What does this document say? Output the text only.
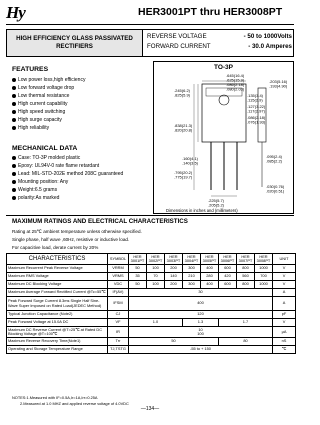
Hy	HER3001PT thru HER3008PT
HIGH EFFICIENCY GLASS PASSIVATED
RECTIFIERS
REVERSE VOLTAGE	- 50 to 1000Volts
FORWARD CURRENT	- 30.0 Amperes
FEATURES
Low power loss,high efficiency
Low forward voltage drop
Low thermal resistance
High current capability
High speed switching
High surge capacity
High reliability
MECHANICAL DATA
Case: TO-3P molded plastic
Epoxy: UL94V-0 rate flame retardant
Lead: MIL-STD-202E method 208C guaranteed
Mounting position: Any
Weight:6.5 grams
polarity:As marked
TO-3P
.645(16.4)
.625(15.9)
.086(2.18)
.080(2.03)
.245(6.2)
.825(5.9)	.135(3.4)
.115(2.9)
.203(5.16)
.193(4.90)
.127(3.22)
.117(2.97)
.086(2.18)
.076(1.93)
.838(21.3)
.820(20.8)
.160(4.1)
.140(3.5)
.795(20.2)
.775(19.7)
.095(2.4)
.085(2.2)
.225(5.7)
.205(5.2)
.030(0.76)
.020(0.51)
Dimensions in inches and (millimeters)
MAXIMUM RATINGS AND ELECTRICAL CHARACTERISTICS
Rating at 25℃ ambient temperature unless otherwise specified.
Single phase, half wave ,60Hz, resistive or inductive load.
For capacitive load, derate current by 20%
CHARACTERISTICS	SYMBOL	HER 3001PT	HER 3002PT	HER 3003PT	HER 3004PT	HER 3005PT	HER 3006PT	HER 3007PT	HER 3008PT	UNIT
Maximum Recurrent Peak Reverse Voltage	VRRM	50	100	200	300	400	600	800	1000	V
Maximum RMS Voltage	VRMS	35	70	140	210	280	420	560	700	V
Maximum DC Blocking Voltage	VDC	50	100	200	300	400	600	800	1000	V
Maximum Average Forward Rectified Current @Tc=55℃	IF(AV)	30								A
Peak Forward Surge Current 8.3ms Single Half Sine-Wave Super Imposed on Rated Load(JEDEC Method)	IFSM	400								A
Typical Junction Capacitance (Note2)	CJ	120								pF
Peak Forward Voltage at 15.0A DC	VF	1.0			1.3		1.7			V
Maximum DC Reverse Current @T=25℃ at Rated DC Blocking Voltage @T=100℃	IR	10
100								μA
Maximum Reverse Recovery Time(Note1)	Trr	50					80			nS
Operating and Storage Temperature Range	TJ,TSTG	-55 to + 150								℃
NOTES:1.Measured with IF=0.5A,Ir=1A,Irr=0.25A
2.Measured at 1.0 MHZ and applied reverse voltage of 4.0VDC
—134—
